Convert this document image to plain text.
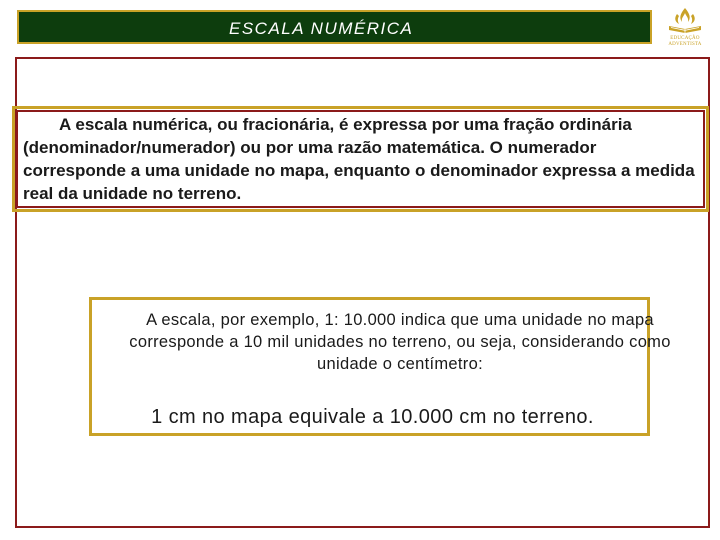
ESCALA NUMÉRICA
EDUCAÇÃO
ADVENTISTA

A escala numérica, ou fracionária, é expressa por uma fração ordinária (denominador/numerador) ou por uma razão matemática. O numerador corresponde a uma unidade no mapa, enquanto o denominador expressa a medida real da unidade no terreno.

A escala, por exemplo, 1: 10.000 indica que uma unidade no mapa corresponde a 10 mil unidades no terreno, ou seja, considerando como unidade o centímetro:

1 cm no mapa equivale a 10.000 cm no terreno.
